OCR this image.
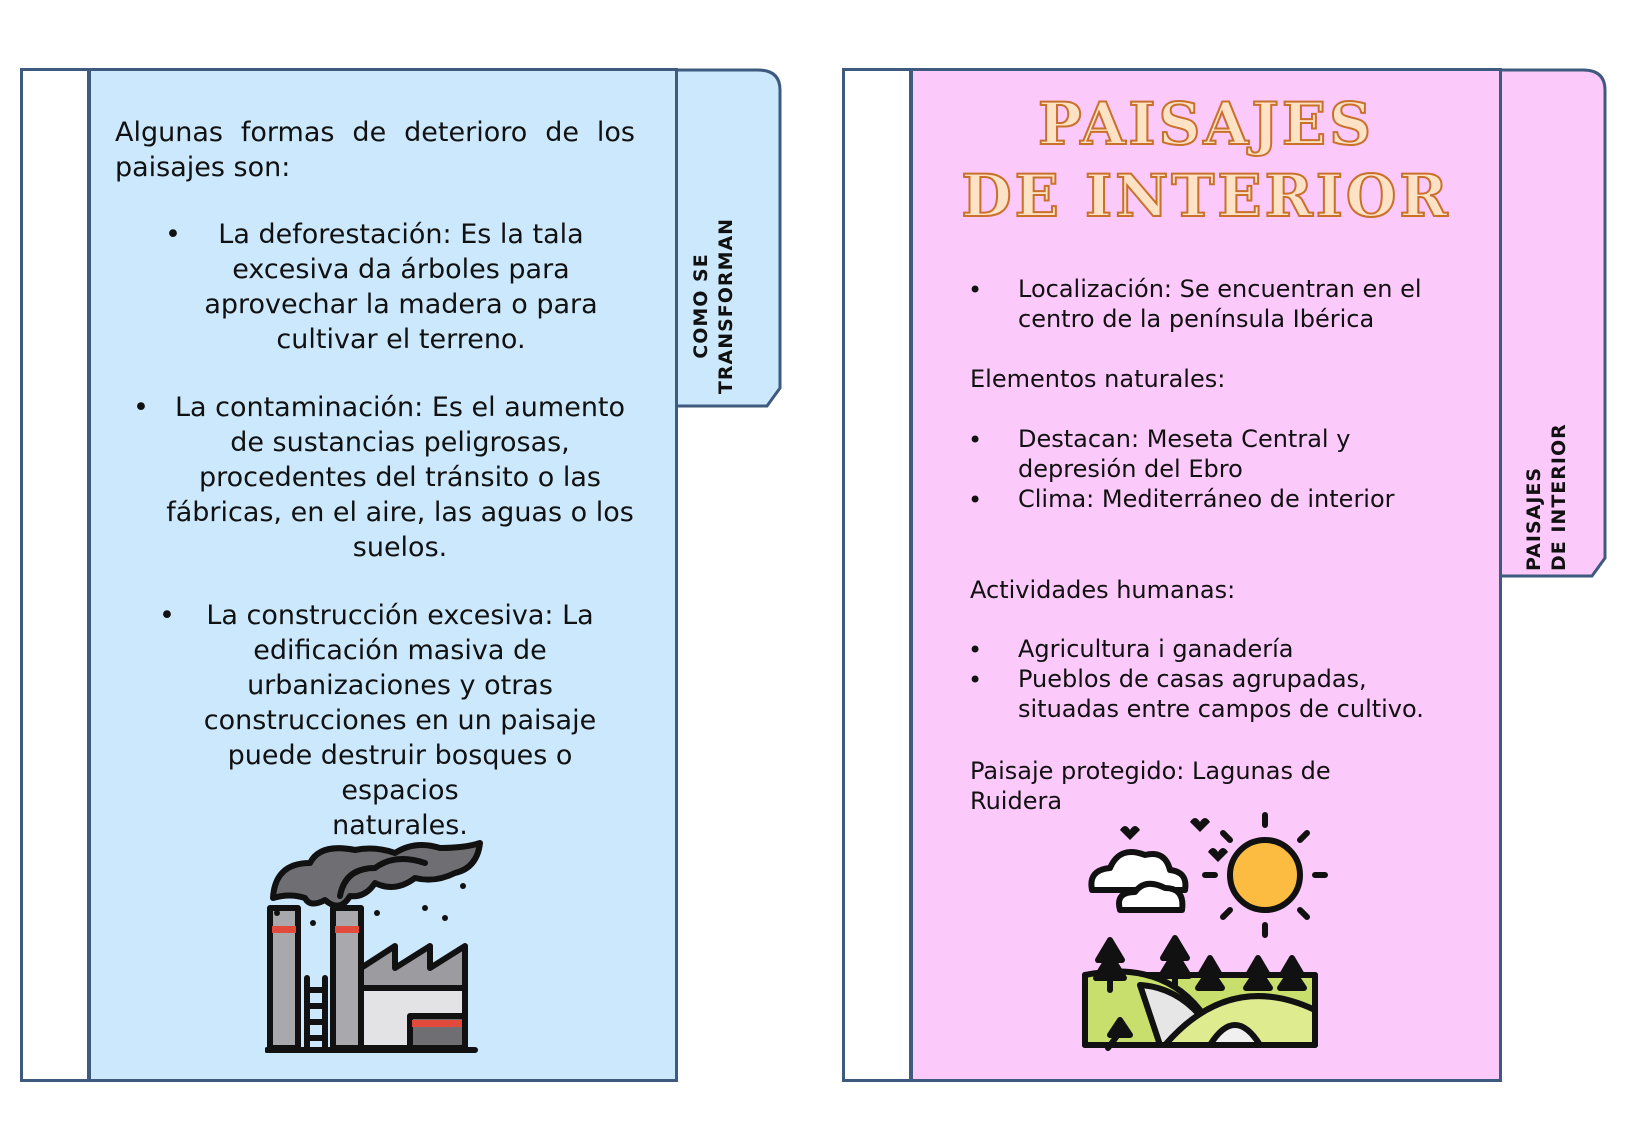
COMO SE TRANSFORMAN
Algunas formas de deterioro de los
paisajes son:
•	La deforestación: Es la tala
excesiva da árboles para
aprovechar la madera o para
cultivar el terreno.
• La contaminación: Es el aumento
de sustancias peligrosas,
procedentes del tránsito o las
fábricas, en el aire, las aguas o los
suelos.
•	La construcción excesiva: La
edificación masiva de
urbanizaciones y otras
construcciones en un paisaje
puede destruir bosques o espacios
naturales.
PAISAJES DE INTERIOR
PAISAJES
DE INTERIOR
• Localización: Se encuentran en el
centro de la península Ibérica
Elementos naturales:
• Destacan: Meseta Central y
depresión del Ebro
• Clima: Mediterráneo de interior
Actividades humanas:
• Agricultura i ganadería
• Pueblos de casas agrupadas,
situadas entre campos de cultivo.
Paisaje protegido: Lagunas de Ruidera
